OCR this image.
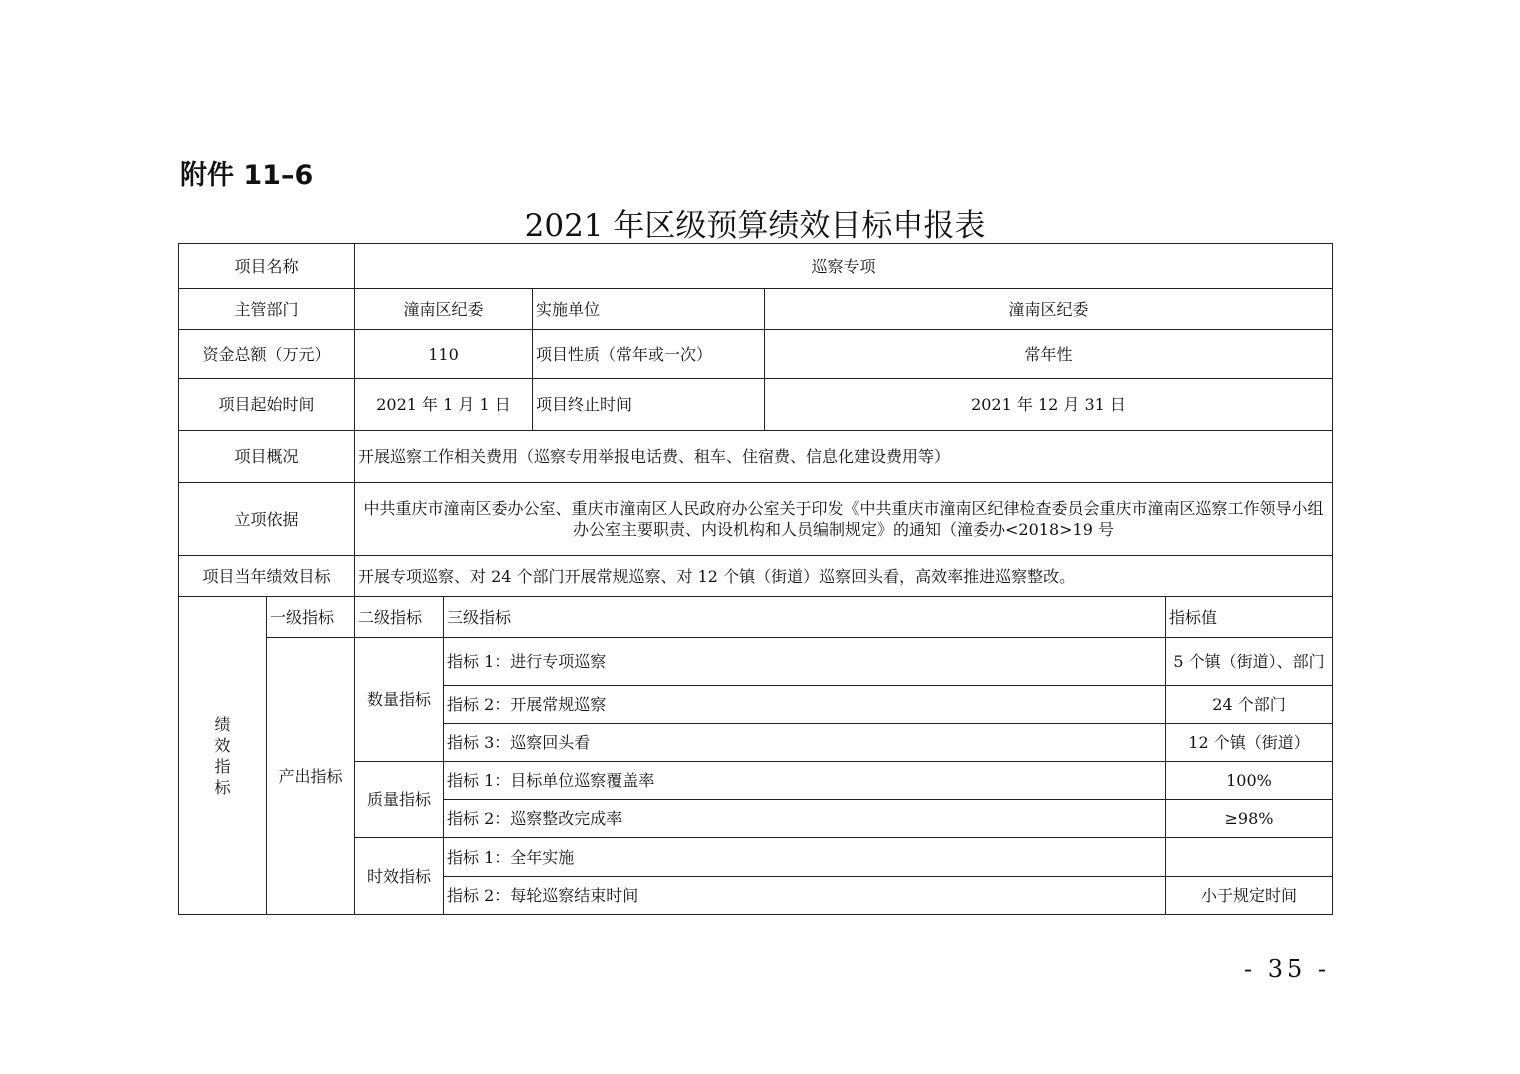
附件 11–6
2021 年区级预算绩效目标申报表
项目名称		巡察专项				
主管部门		潼南区纪委		实施单位	潼南区纪委	
资金总额（万元）		110		项目性质（常年或一次）	常年性	
项目起始时间		2021 年 1 月 1 日		项目终止时间	2021 年 12 月 31 日	
项目概况		开展巡察工作相关费用（巡察专用举报电话费、租车、住宿费、信息化建设费用等）				
立项依据		中共重庆市潼南区委办公室、重庆市潼南区人民政府办公室关于印发《中共重庆市潼南区纪律检查委员会重庆市潼南区巡察工作领导小组办公室主要职责、内设机构和人员编制规定》的通知（潼委办<2018>19 号				
项目当年绩效目标		开展专项巡察、对 24 个部门开展常规巡察、对 12 个镇（街道）巡察回头看，高效率推进巡察整改。				
绩
效
指
标	一级指标	二级指标	三级指标			指标值
	产出指标	数量指标	指标 1：进行专项巡察			5 个镇（街道）、部门
			指标 2：开展常规巡察			24 个部门
			指标 3：巡察回头看			12 个镇（街道）
		质量指标	指标 1：目标单位巡察覆盖率			100%
			指标 2：巡察整改完成率			≥98%
		时效指标	指标 1：全年实施			
			指标 2：每轮巡察结束时间			小于规定时间
- 35 -
